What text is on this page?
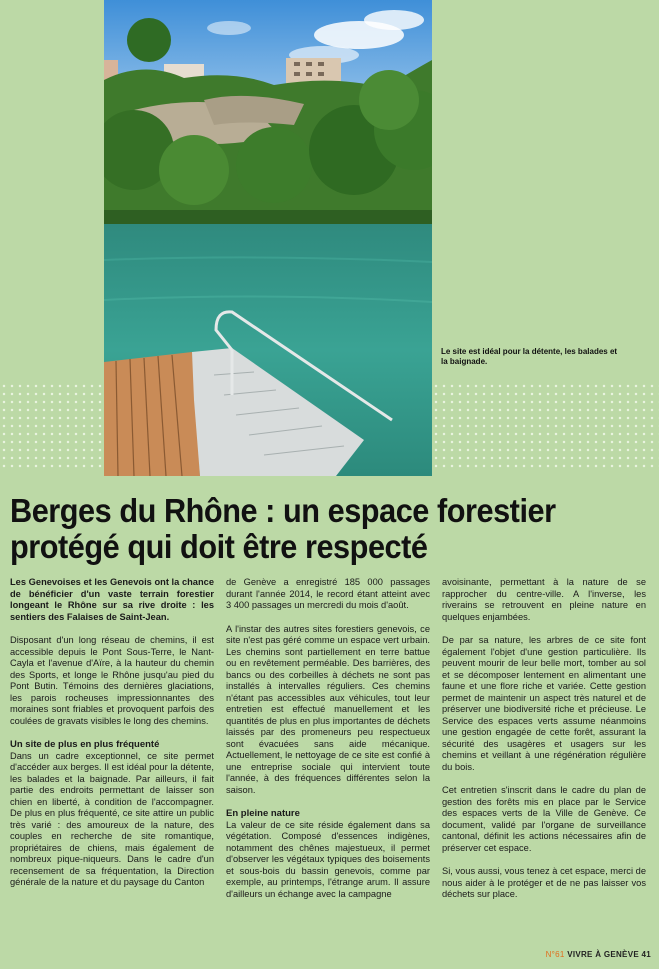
Le site est idéal pour la détente, les balades et la baignade.
Berges du Rhône : un espace forestier protégé qui doit être respecté

Les Genevoises et les Genevois ont la chance de bénéficier d'un vaste terrain forestier longeant le Rhône sur sa rive droite : les sentiers des Falaises de Saint-Jean.

Disposant d'un long réseau de chemins, il est accessible depuis le Pont Sous-Terre, le Nant-Cayla et l'avenue d'Aïre, à la hauteur du chemin des Sports, et longe le Rhône jusqu'au pied du Pont Butin. Témoins des dernières glaciations, les parois rocheuses impressionnantes des moraines sont friables et provoquent parfois des coulées de gravats visibles le long des chemins.

Un site de plus en plus fréquenté

Dans un cadre exceptionnel, ce site permet d'accéder aux berges. Il est idéal pour la détente, les balades et la baignade. Par ailleurs, il fait partie des endroits permettant de laisser son chien en liberté, à condition de l'accompagner. De plus en plus fréquenté, ce site attire un public très varié : des amoureux de la nature, des couples en recherche de site romantique, propriétaires de chiens, mais également de nombreux pique-niqueurs. Dans le cadre d'un recensement de sa fréquentation, la Direction générale de la nature et du paysage du Canton

de Genève a enregistré 185 000 passages durant l'année 2014, le record étant atteint avec 3 400 passages un mercredi du mois d'août.

A l'instar des autres sites forestiers genevois, ce site n'est pas géré comme un espace vert urbain. Les chemins sont partiellement en terre battue ou en revêtement perméable. Des barrières, des bancs ou des corbeilles à déchets ne sont pas installés à intervalles réguliers. Ces chemins n'étant pas accessibles aux véhicules, tout leur entretien est effectué manuellement et les quantités de plus en plus importantes de déchets laissés par des promeneurs peu respectueux sont évacuées sans aide mécanique. Actuellement, le nettoyage de ce site est confié à une entreprise sociale qui intervient toute l'année, à des fréquences différentes selon la saison.

En pleine nature

La valeur de ce site réside également dans sa végétation. Composé d'essences indigènes, notamment des chênes majestueux, il permet d'observer les végétaux typiques des boisements et sous-bois du bassin genevois, comme par exemple, au printemps, l'étrange arum. Il assure d'ailleurs un échange avec la campagne

avoisinante, permettant à la nature de se rapprocher du centre-ville. A l'inverse, les riverains se retrouvent en pleine nature en quelques enjambées.

De par sa nature, les arbres de ce site font également l'objet d'une gestion particulière. Ils peuvent mourir de leur belle mort, tomber au sol et se décomposer lentement en alimentant une faune et une flore riche et variée. Cette gestion permet de maintenir un aspect très naturel et de préserver une biodiversité riche et précieuse. Le Service des espaces verts assume néanmoins une gestion engagée de cette forêt, assurant la sécurité des usagères et usagers sur les chemins et veillant à une régénération régulière du bois.

Cet entretien s'inscrit dans le cadre du plan de gestion des forêts mis en place par le Service des espaces verts de la Ville de Genève. Ce document, validé par l'organe de surveillance cantonal, définit les actions nécessaires afin de préserver cet espace.

Si, vous aussi, vous tenez à cet espace, merci de nous aider à le protéger et de ne pas laisser vos déchets sur place.

N°61 VIVRE À GENÈVE 41
